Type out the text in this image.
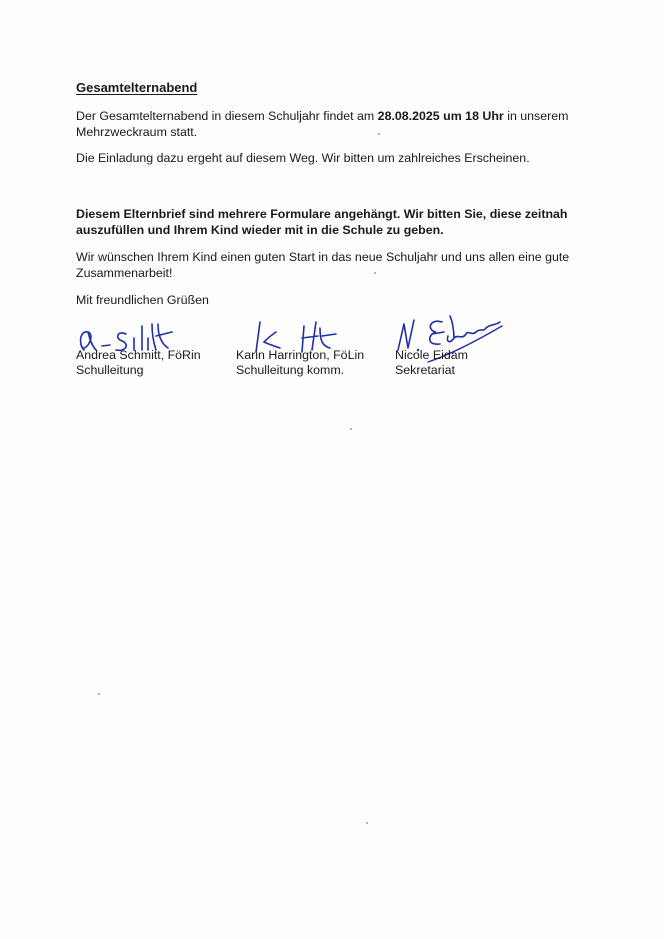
Gesamtelternabend
Der Gesamtelternabend in diesem Schuljahr findet am 28.08.2025 um 18 Uhr in unserem Mehrzweckraum statt.
Die Einladung dazu ergeht auf diesem Weg. Wir bitten um zahlreiches Erscheinen.
Diesem Elternbrief sind mehrere Formulare angehängt. Wir bitten Sie, diese zeitnah auszufüllen und Ihrem Kind wieder mit in die Schule zu geben.
Wir wünschen Ihrem Kind einen guten Start in das neue Schuljahr und uns allen eine gute Zusammenarbeit!
Mit freundlichen Grüßen
Andrea Schmitt, FöRin
Schulleitung
Karin Harrington, FöLin
Schulleitung komm.
Nicole Eidam
Sekretariat
